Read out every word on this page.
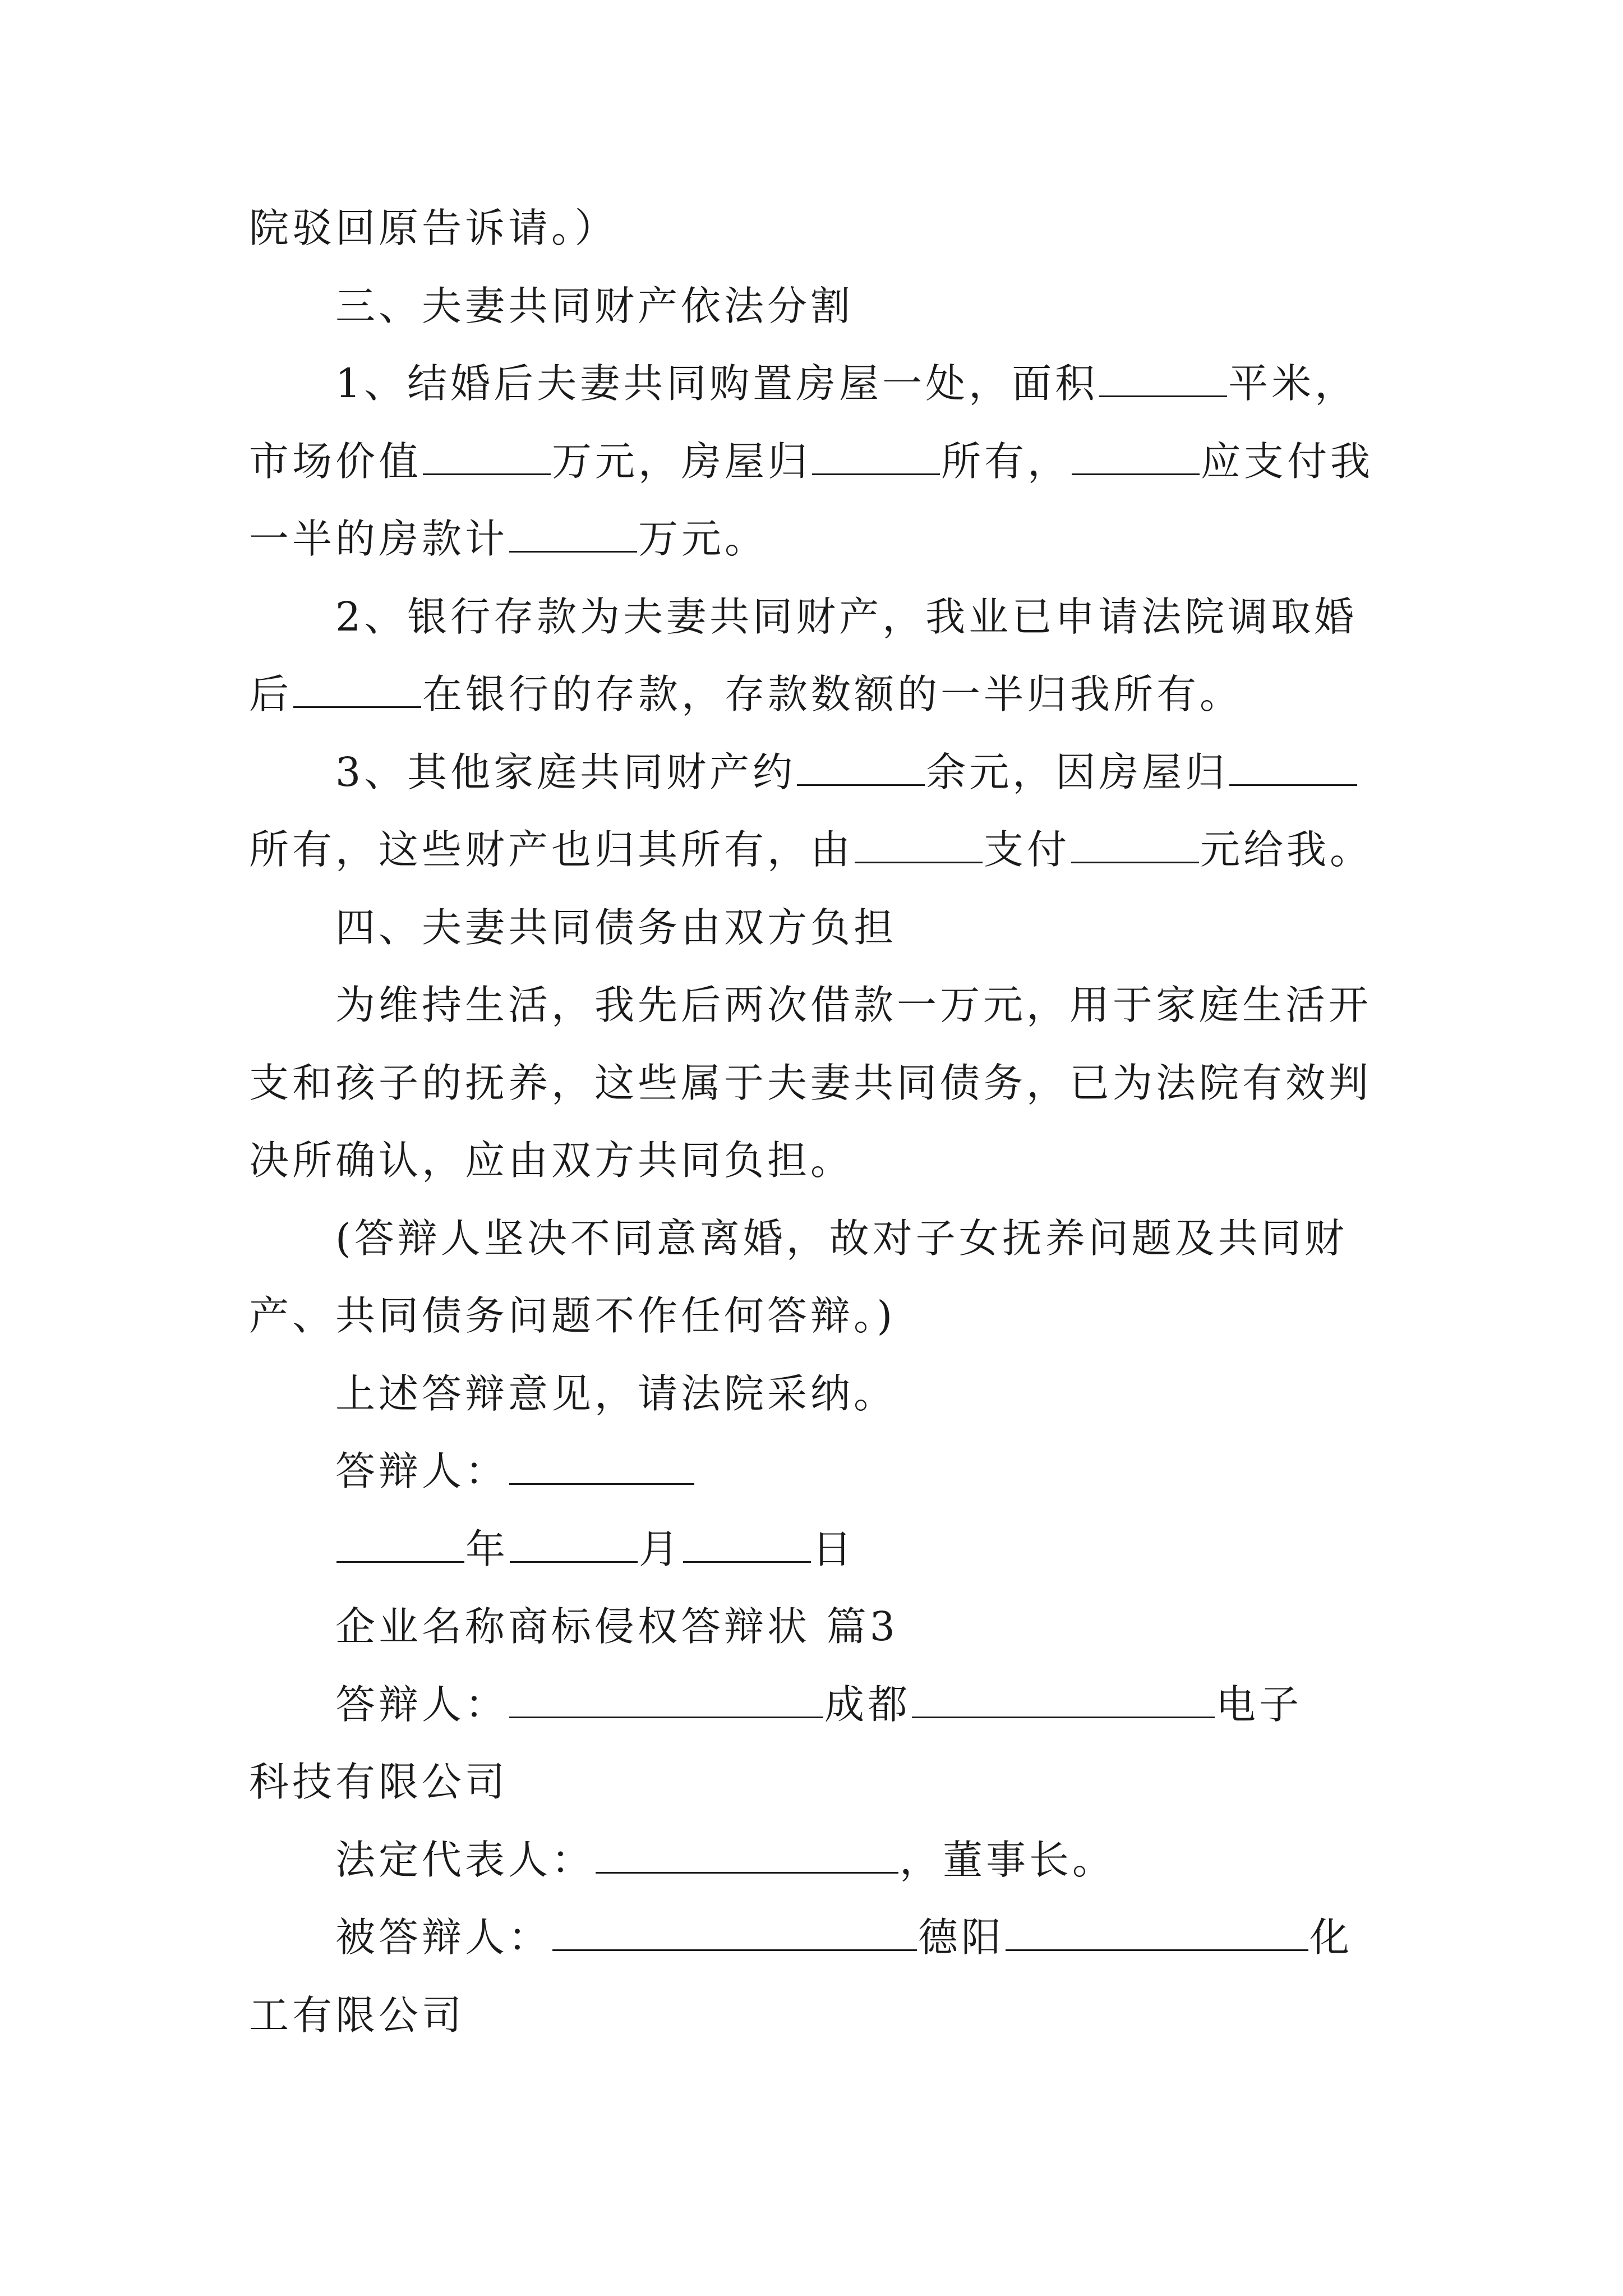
院驳回原告诉请。）
三、夫妻共同财产依法分割
1、结婚后夫妻共同购置房屋一处，面积	平米，
市场价值	万元，房屋归	所有，	应支付我
一半的房款计	万元。
2、银行存款为夫妻共同财产，我业已申请法院调取婚
后	在银行的存款，存款数额的一半归我所有。
3、其他家庭共同财产约	余元，因房屋归
所有，这些财产也归其所有，由	支付	元给我。
四、夫妻共同债务由双方负担
为维持生活，我先后两次借款一万元，用于家庭生活开
支和孩子的抚养，这些属于夫妻共同债务，已为法院有效判
决所确认，应由双方共同负担。
(答辩人坚决不同意离婚，故对子女抚养问题及共同财
产、共同债务问题不作任何答辩。)
上述答辩意见，请法院采纳。
答辩人：
年	月	日
企业名称商标侵权答辩状 篇3
答辩人：	成都	电子
科技有限公司
法定代表人：	，董事长。
被答辩人：	德阳	化
工有限公司
